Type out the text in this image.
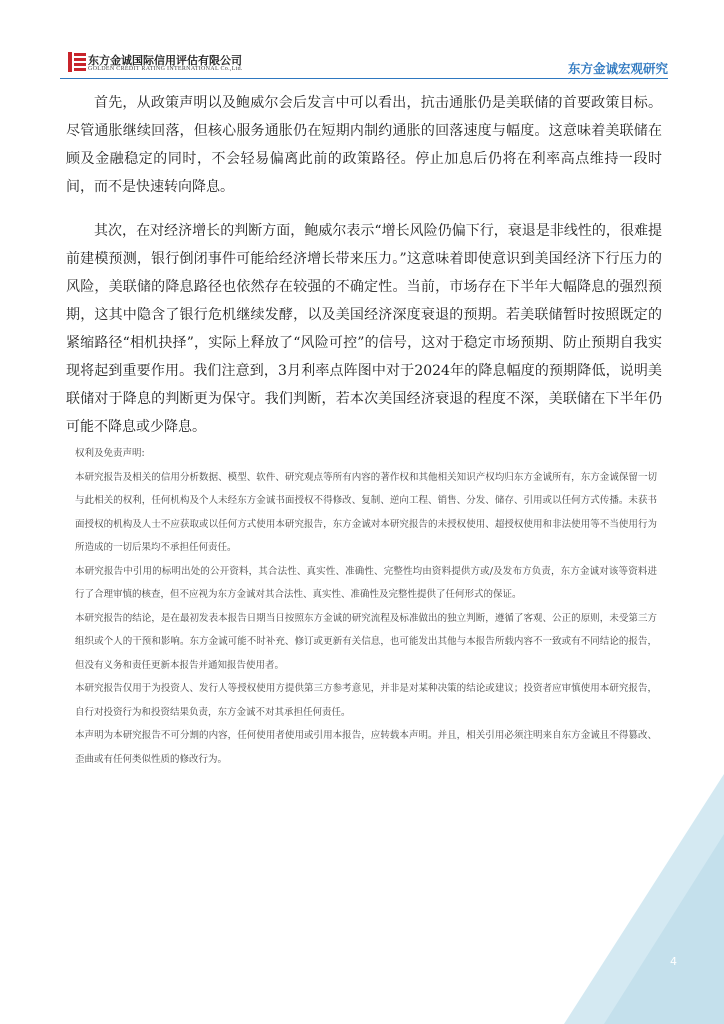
东方金诚国际信用评估有限公司
GOLDEN CREDIT RATING INTERNATIONAL Co.,Ltd.	东方金诚宏观研究

首先，从政策声明以及鲍威尔会后发言中可以看出，抗击通胀仍是美联储的首要政策目标。尽管通胀继续回落，但核心服务通胀仍在短期内制约通胀的回落速度与幅度。这意味着美联储在顾及金融稳定的同时，不会轻易偏离此前的政策路径。停止加息后仍将在利率高点维持一段时间，而不是快速转向降息。

其次，在对经济增长的判断方面，鲍威尔表示“增长风险仍偏下行，衰退是非线性的，很难提前建模预测，银行倒闭事件可能给经济增长带来压力。”这意味着即使意识到美国经济下行压力的风险，美联储的降息路径也依然存在较强的不确定性。当前，市场存在下半年大幅降息的强烈预期，这其中隐含了银行危机继续发酵，以及美国经济深度衰退的预期。若美联储暂时按照既定的紧缩路径“相机抉择”，实际上释放了“风险可控”的信号，这对于稳定市场预期、防止预期自我实现将起到重要作用。我们注意到，3月利率点阵图中对于2024年的降息幅度的预期降低，说明美联储对于降息的判断更为保守。我们判断，若本次美国经济衰退的程度不深，美联储在下半年仍可能不降息或少降息。

权利及免责声明:

本研究报告及相关的信用分析数据、模型、软件、研究观点等所有内容的著作权和其他相关知识产权均归东方金诚所有，东方金诚保留一切与此相关的权利，任何机构及个人未经东方金诚书面授权不得修改、复制、逆向工程、销售、分发、储存、引用或以任何方式传播。未获书面授权的机构及人士不应获取或以任何方式使用本研究报告，东方金诚对本研究报告的未授权使用、超授权使用和非法使用等不当使用行为所造成的一切后果均不承担任何责任。

本研究报告中引用的标明出处的公开资料，其合法性、真实性、准确性、完整性均由资料提供方或/及发布方负责，东方金诚对该等资料进行了合理审慎的核查，但不应视为东方金诚对其合法性、真实性、准确性及完整性提供了任何形式的保证。

本研究报告的结论，是在最初发表本报告日期当日按照东方金诚的研究流程及标准做出的独立判断，遵循了客观、公正的原则，未受第三方组织或个人的干预和影响。东方金诚可能不时补充、修订或更新有关信息，也可能发出其他与本报告所载内容不一致或有不同结论的报告，但没有义务和责任更新本报告并通知报告使用者。

本研究报告仅用于为投资人、发行人等授权使用方提供第三方参考意见，并非是对某种决策的结论或建议；投资者应审慎使用本研究报告，自行对投资行为和投资结果负责，东方金诚不对其承担任何责任。

本声明为本研究报告不可分割的内容，任何使用者使用或引用本报告，应转载本声明。并且，相关引用必须注明来自东方金诚且不得篡改、歪曲或有任何类似性质的修改行为。

4
